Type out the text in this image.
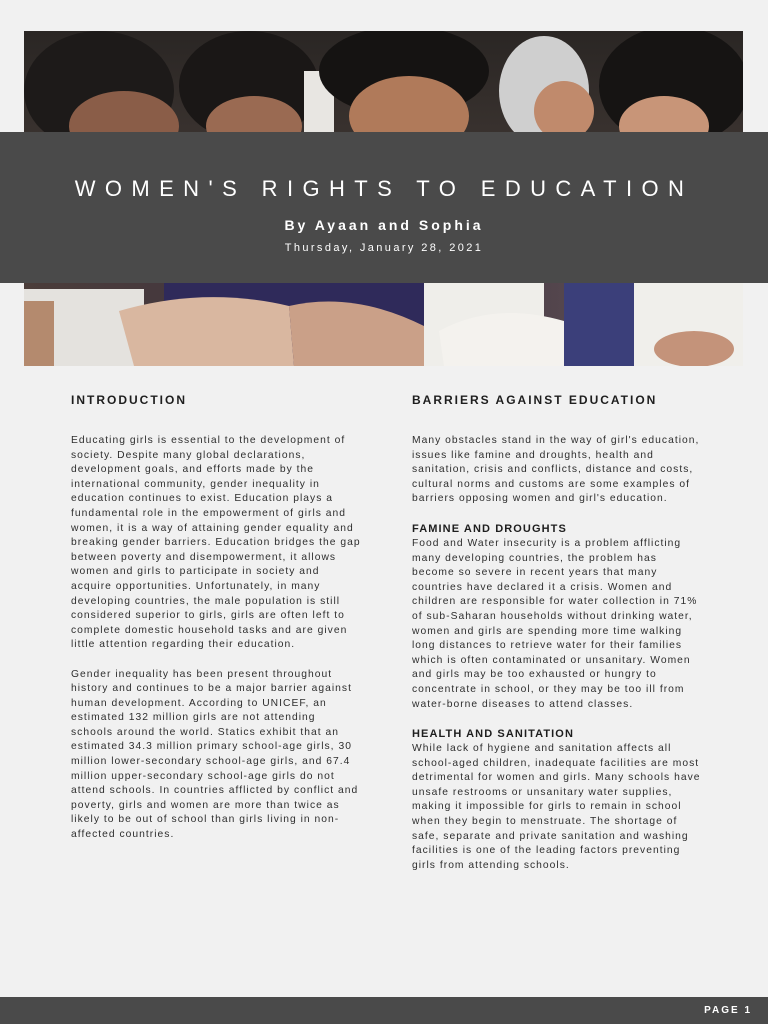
WOMEN'S RIGHTS TO EDUCATION
By Ayaan and Sophia
Thursday, January 28, 2021
INTRODUCTION

Educating girls is essential to the development of society. Despite many global declarations, development goals, and efforts made by the international community, gender inequality in education continues to exist. Education plays a fundamental role in the empowerment of girls and women, it is a way of attaining gender equality and breaking gender barriers. Education bridges the gap between poverty and disempowerment, it allows women and girls to participate in society and acquire opportunities. Unfortunately, in many developing countries, the male population is still considered superior to girls, girls are often left to complete domestic household tasks and are given little attention regarding their education.

Gender inequality has been present throughout history and continues to be a major barrier against human development. According to UNICEF, an estimated 132 million girls are not attending schools around the world. Statics exhibit that an estimated 34.3 million primary school-age girls, 30 million lower-secondary school-age girls, and 67.4 million upper-secondary school-age girls do not attend schools. In countries afflicted by conflict and poverty, girls and women are more than twice as likely to be out of school than girls living in non-affected countries.

BARRIERS AGAINST EDUCATION

Many obstacles stand in the way of girl's education, issues like famine and droughts, health and sanitation, crisis and conflicts, distance and costs, cultural norms and customs are some examples of barriers opposing women and girl's education.

FAMINE AND DROUGHTS

Food and Water insecurity is a problem afflicting many developing countries, the problem has become so severe in recent years that many countries have declared it a crisis. Women and children are responsible for water collection in 71% of sub-Saharan households without drinking water, women and girls are spending more time walking long distances to retrieve water for their families which is often contaminated or unsanitary. Women and girls may be too exhausted or hungry to concentrate in school, or they may be too ill from water-borne diseases to attend classes.

HEALTH AND SANITATION

While lack of hygiene and sanitation affects all school-aged children, inadequate facilities are most detrimental for women and girls. Many schools have unsafe restrooms or unsanitary water supplies, making it impossible for girls to remain in school when they begin to menstruate. The shortage of safe, separate and private sanitation and washing facilities is one of the leading factors preventing girls from attending schools.

PAGE 1
